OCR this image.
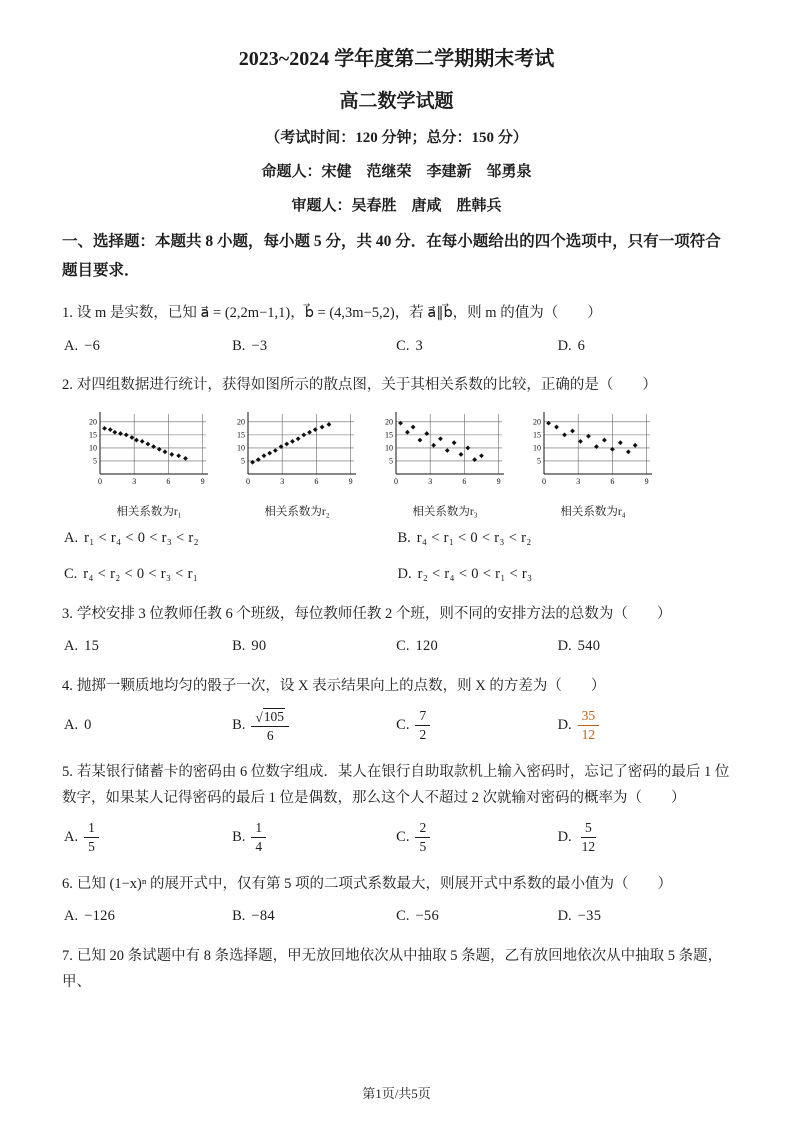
2023~2024 学年度第二学期期末考试
高二数学试题
（考试时间：120 分钟；总分：150 分）
命题人：宋健　范继荣　李建新　邹勇泉
审题人：吴春胜　唐咸　胜韩兵
一、选择题：本题共 8 小题，每小题 5 分，共 40 分．在每小题给出的四个选项中，只有一项符合题目要求．
1. 设 m 是实数，已知 a⃗ = (2,2m−1,1)，b⃗ = (4,3m−5,2)，若 a⃗∥b⃗，则 m 的值为（　　）
A. −6	B. −3	C. 3	D. 6
2. 对四组数据进行统计，获得如图所示的散点图，关于其相关系数的比较，正确的是（　　）
5
10
15
20
0	3	6	9
相关系数为r₁
5
10
15
20
0	3	6	9
相关系数为r₂
5
10
15
20
0	3	6	9
相关系数为r₃
5
10
15
20
0	3	6	9
相关系数为r₄
A. r₁ < r₄ < 0 < r₃ < r₂	B. r₄ < r₁ < 0 < r₃ < r₂
C. r₄ < r₂ < 0 < r₃ < r₁	D. r₂ < r₄ < 0 < r₁ < r₃
3. 学校安排 3 位教师任教 6 个班级，每位教师任教 2 个班，则不同的安排方法的总数为（　　）
A. 15	B. 90	C. 120	D. 540
4. 抛掷一颗质地均匀的骰子一次，设 X 表示结果向上的点数，则 X 的方差为（　　）
A. 0	B. $\frac{√ 105}{6}$	C. $\frac{7}{2}$	D. $\frac{35}{12}$
5. 若某银行储蓄卡的密码由 6 位数字组成．某人在银行自助取款机上输入密码时，忘记了密码的最后 1 位数字，如果某人记得密码的最后 1 位是偶数，那么这个人不超过 2 次就输对密码的概率为（　　）
A. $\frac{1}{5}$	B. $\frac{1}{4}$	C. $\frac{2}{5}$	D. $\frac{5}{12}$
6. 已知 (1−x)ⁿ 的展开式中，仅有第 5 项的二项式系数最大，则展开式中系数的最小值为（　　）
A. −126	B. −84	C. −56	D. −35
7. 已知 20 条试题中有 8 条选择题，甲无放回地依次从中抽取 5 条题，乙有放回地依次从中抽取 5 条题，甲、
第1页/共5页
